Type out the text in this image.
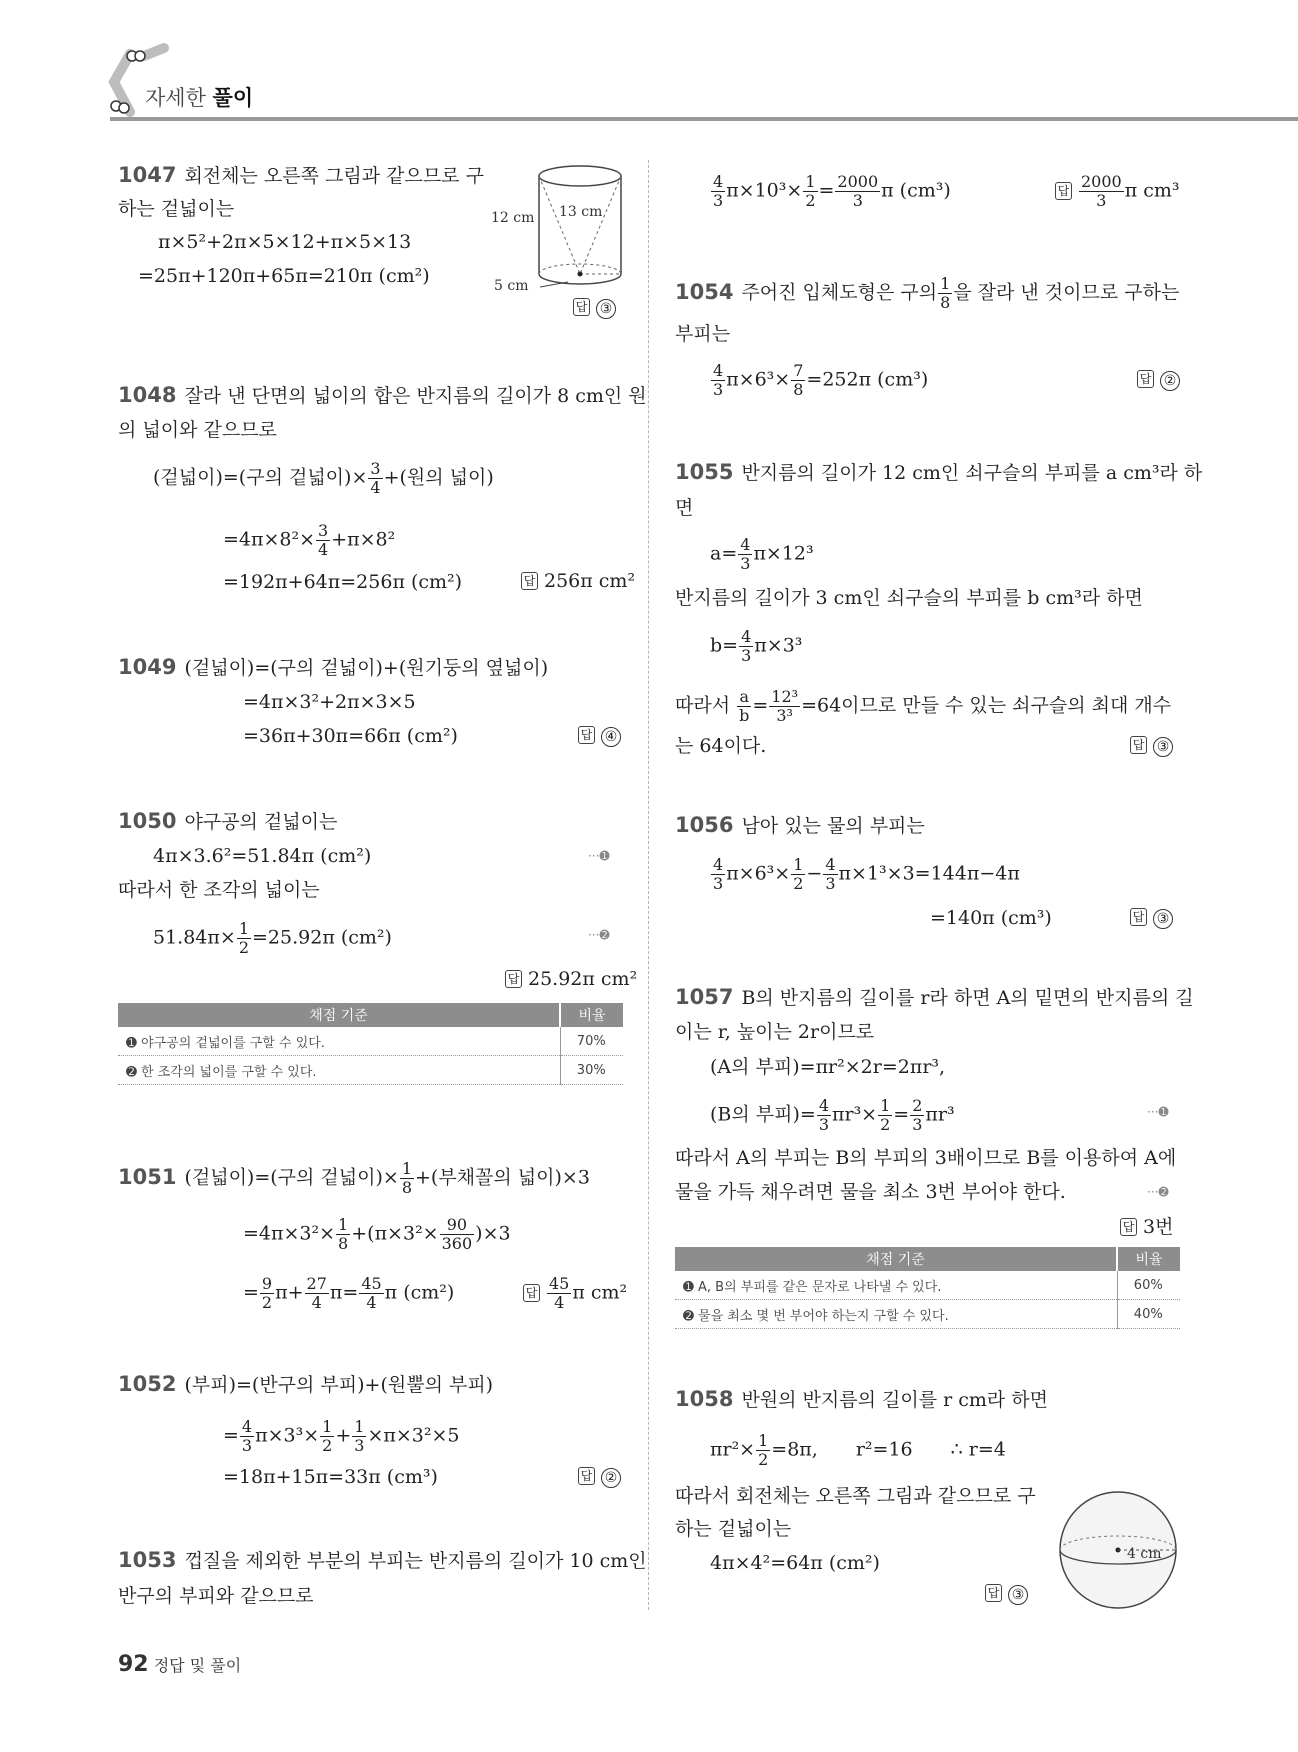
자세한 풀이
1047 회전체는 오른쪽 그림과 같으므로 구
하는 겉넓이는
π×5²+2π×5×12+π×5×13
=25π+120π+65π=210π (cm²)
12 cm 13 cm
5 cm
답 ③
1048 잘라 낸 단면의 넓이의 합은 반지름의 길이가 8 cm인 원
의 넓이와 같으므로
(겉넓이)=(구의 겉넓이)× $\frac{3}{4}$ +(원의 넓이)
$=4\pi\times 8^2\times \frac{3}{4} +\pi\times 8^2$
=192π+64π=256π (cm²)	답 256π cm²
1049 (겉넓이)=(구의 겉넓이)+(원기둥의 옆넓이)
=4π×3²+2π×3×5
=36π+30π=66π (cm²)	답 ④
1050 야구공의 겉넓이는
4π×3.6²=51.84π (cm²)	···➊
따라서 한 조각의 넓이는
$51.84\pi\times \frac{1}{2} =25.92\pi$ (cm²)	···➋
답 25.92π cm²
채점 기준	비율
➊ 야구공의 겉넓이를 구할 수 있다.	70%
➋ 한 조각의 넓이를 구할 수 있다.	30%
1051 (겉넓이)=(구의 겉넓이)× $\frac{1}{8}$ +(부채꼴의 넓이)×3
$=4\pi\times 3^2\times \frac{1}{8} +(\pi\times 3^2\times \frac{90}{360} )\times 3$
= $\frac{9}{2} \pi+ \frac{27}{4} \pi= \frac{45}{4}$ π (cm²)	답 $\frac{45}{4}$ π cm²
1052 (부피)=(반구의 부피)+(원뿔의 부피)
= $\frac{4}{3} \pi\times 3^3\times \frac{1}{2} + \frac{1}{3} \times\pi\times 3^2\times 5$
=18π+15π=33π (cm³)	답 ②
1053 껍질을 제외한 부분의 부피는 반지름의 길이가 10 cm인
반구의 부피와 같으므로
$\frac{4}{3} \pi\times 10^3\times \frac{1}{2} = \frac{2000}{3}$ π (cm³)	답 $\frac{2000}{3}$ π cm³
1054 주어진 입체도형은 구의 $\frac{1}{8}$ 을 잘라 낸 것이므로 구하는
부피는
$\frac{4}{3} \pi\times 6^3\times \frac{7}{8} =252\pi$ (cm³)	답 ②
1055 반지름의 길이가 12 cm인 쇠구슬의 부피를 a cm³라 하
면
$a= \frac{4}{3} \pi\times 12^3$
반지름의 길이가 3 cm인 쇠구슬의 부피를 b cm³라 하면
$b= \frac{4}{3} \pi\times 3^3$
따라서 $\frac{a}{b} = \frac{\text{12³}}{\text{3³}} =64$이므로 만들 수 있는 쇠구슬의 최대 개수
는 64이다.	답 ③
1056 남아 있는 물의 부피는
$\frac{4}{3} \pi\times 6^3\times \frac{1}{2} - \frac{4}{3} \pi\times 1^3\times 3=144\pi-4\pi$
=140π (cm³)	답 ③
1057 B의 반지름의 길이를 r라 하면 A의 밑면의 반지름의 길
이는 r, 높이는 2r이므로
(A의 부피)=πr²×2r=2πr³,
(B의 부피)= $\frac{4}{3} \pi r^3\times \frac{1}{2} = \frac{2}{3} \pi r^3$	···➊
따라서 A의 부피는 B의 부피의 3배이므로 B를 이용하여 A에
물을 가득 채우려면 물을 최소 3번 부어야 한다.	···➋
답 3번
채점 기준	비율
➊ A, B의 부피를 같은 문자로 나타낼 수 있다.	60%
➋ 물을 최소 몇 번 부어야 하는지 구할 수 있다.	40%
1058 반원의 반지름의 길이를 r cm라 하면
$\pi r^2\times \frac{1}{2} =8\pi$, r²=16 ∴ r=4
따라서 회전체는 오른쪽 그림과 같으므로 구
하는 겉넓이는
4π×4²=64π (cm²)	4 cm
답 ③
92 정답 및 풀이
